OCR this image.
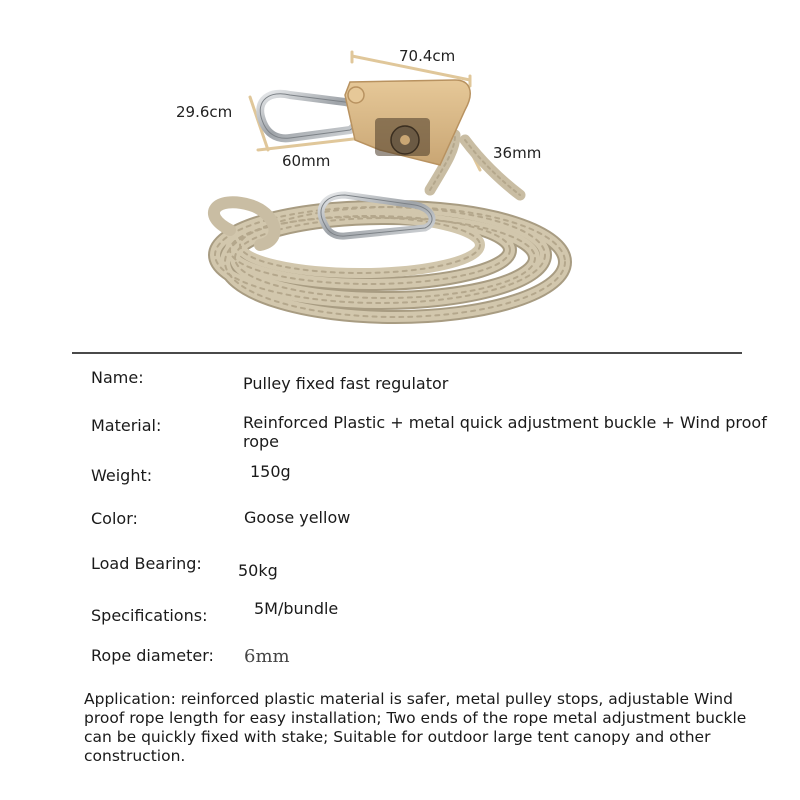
70.4cm
29.6cm
60mm	36mm
Name:	Pulley fixed fast regulator
Material:	Reinforced Plastic + metal quick adjustment buckle + Wind proof rope
Weight:	150g
Color:	Goose yellow
Load Bearing: 50kg
Specifications:	5M/bundle
Rope diameter: 6mm
Application: reinforced plastic material is safer, metal pulley stops, adjustable Wind proof rope length for easy installation; Two ends of the rope metal adjustment buckle can be quickly fixed with stake; Suitable for outdoor large tent canopy and other construction.
